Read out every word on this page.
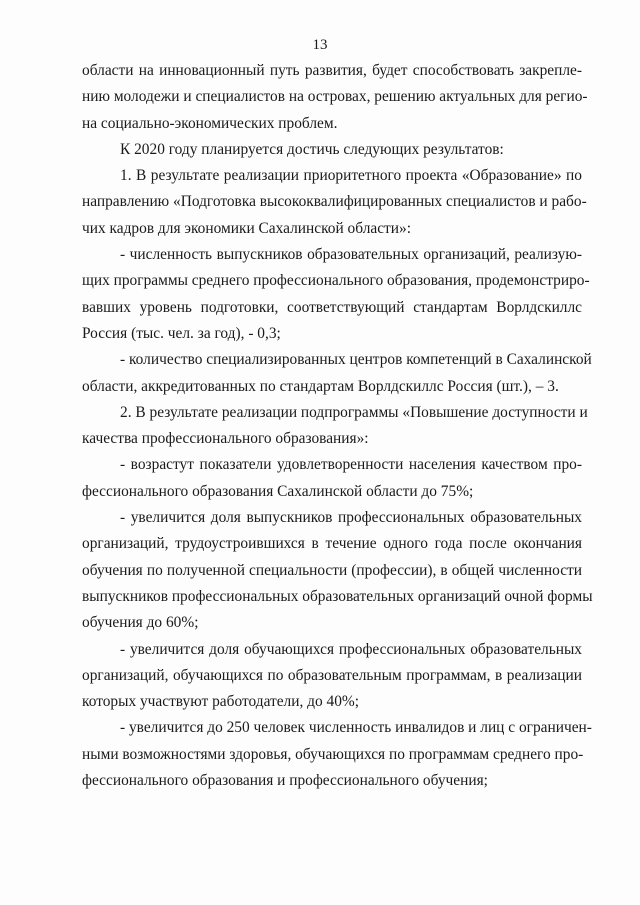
13
области на инновационный путь развития, будет способствовать закрепле-
нию молодежи и специалистов на островах, решению актуальных для регио-
на социально-экономических проблем.
К 2020 году планируется достичь следующих результатов:
1. В результате реализации приоритетного проекта «Образование» по
направлению «Подготовка высококвалифицированных специалистов и рабо-
чих кадров для экономики Сахалинской области»:
- численность выпускников образовательных организаций, реализую-
щих программы среднего профессионального образования, продемонстриро-
вавших уровень подготовки, соответствующий стандартам Ворлдскиллс
Россия (тыс. чел. за год), - 0,3;
- количество специализированных центров компетенций в Сахалинской
области, аккредитованных по стандартам Ворлдскиллс Россия (шт.), – 3.
2. В результате реализации подпрограммы «Повышение доступности и
качества профессионального образования»:
- возрастут показатели удовлетворенности населения качеством про-
фессионального образования Сахалинской области до 75%;
- увеличится доля выпускников профессиональных образовательных
организаций, трудоустроившихся в течение одного года после окончания
обучения по полученной специальности (профессии), в общей численности
выпускников профессиональных образовательных организаций очной формы
обучения до 60%;
- увеличится доля обучающихся профессиональных образовательных
организаций, обучающихся по образовательным программам, в реализации
которых участвуют работодатели, до 40%;
- увеличится до 250 человек численность инвалидов и лиц с ограничен-
ными возможностями здоровья, обучающихся по программам среднего про-
фессионального образования и профессионального обучения;
